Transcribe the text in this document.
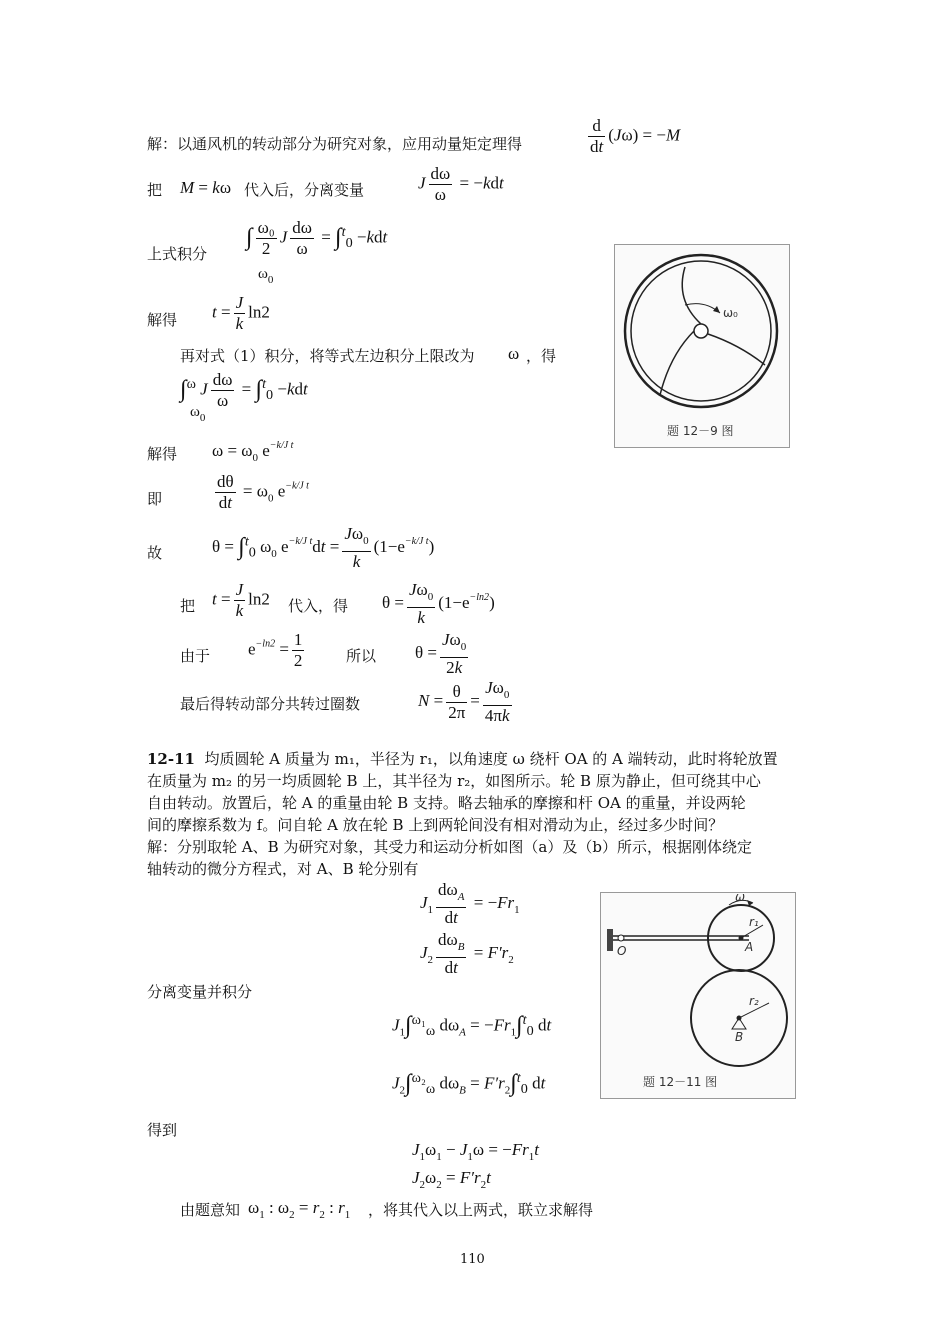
解：以通风机的转动部分为研究对象，应用动量矩定理得	$\frac{d}{dt} (J\omega) = -M$
把 M = kω 代入后，分离变量	J $\frac{d\omega}{\omega} = -kdt$
上式积分
∫ $\frac{\text{ω₀}}{2}$ J $\frac{d\omega}{\omega} = \int^t_0 -kdt$
$\omega_0$
解得 $t = \frac{J}{k} \ln 2$
再对式（1）积分，将等式左边积分上限改为 ω ，得
∫$^\omega$ J $\frac{d\omega}{\omega} = \int^t_0 -kdt$
$\omega_0$
解得 $\omega = \omega_0$ $e^{-k/J t}$
即	$\frac{d\theta}{dt} = \omega_0$ $e^{-k/J t}$
故	θ = ∫$^t_0$ $\omega_0$ $e^{-k/J t}dt = \frac{J\omega_0}{k} (1-e^{-k/J t})$
把 $t = \frac{J}{k} \ln 2$ 代入，得 $\theta = \frac{J\omega_0}{k} (1-e^{-ln2})$
由于 $e^{-ln2} = \frac{1}{2}$	所以 $\theta = \frac{J\omega_0}{2k}$
最后得转动部分共转过圈数	$N = \frac{\theta}{2\pi} = \frac{J\omega_0}{4\pi k}$
ω₀
题 12－9 图
12-11 均质圆轮 A 质量为 m₁，半径为 r₁，以角速度 ω 绕杆 OA 的 A 端转动，此时将轮放置
在质量为 m₂ 的另一均质圆轮 B 上，其半径为 r₂，如图所示。轮 B 原为静止，但可绕其中心
自由转动。放置后，轮 A 的重量由轮 B 支持。略去轴承的摩擦和杆 OA 的重量，并设两轮
间的摩擦系数为 f。问自轮 A 放在轮 B 上到两轮间没有相对滑动为止，经过多少时间？
解：分别取轮 A、B 为研究对象，其受力和运动分析如图（a）及（b）所示，根据刚体绕定
轴转动的微分方程式，对 A、B 轮分别有
$J_1 \frac{d\omega_A}{dt} = -Fr_1$
$J_2 \frac{d\omega_B}{dt} = F'r_2$
分离变量并积分
$J_1\int^{\omega_1}_\omega$ $d\omega_A = -Fr_1\int^t_0$ dt
$J_2\int^{\omega_2}_\omega$ $d\omega_B = F'r_2\int^t_0$ dt
得到
$J_1\omega_1 - J_1\omega = -Fr_1t$
$J_2\omega_2 = F'r_2t$
由题意知 $\omega_1$ : $\omega_2 = r_2$ : $r_1$ ，将其代入以上两式，联立求解得
O
r₁
A
ω
r₂
B
题 12－11 图
110
